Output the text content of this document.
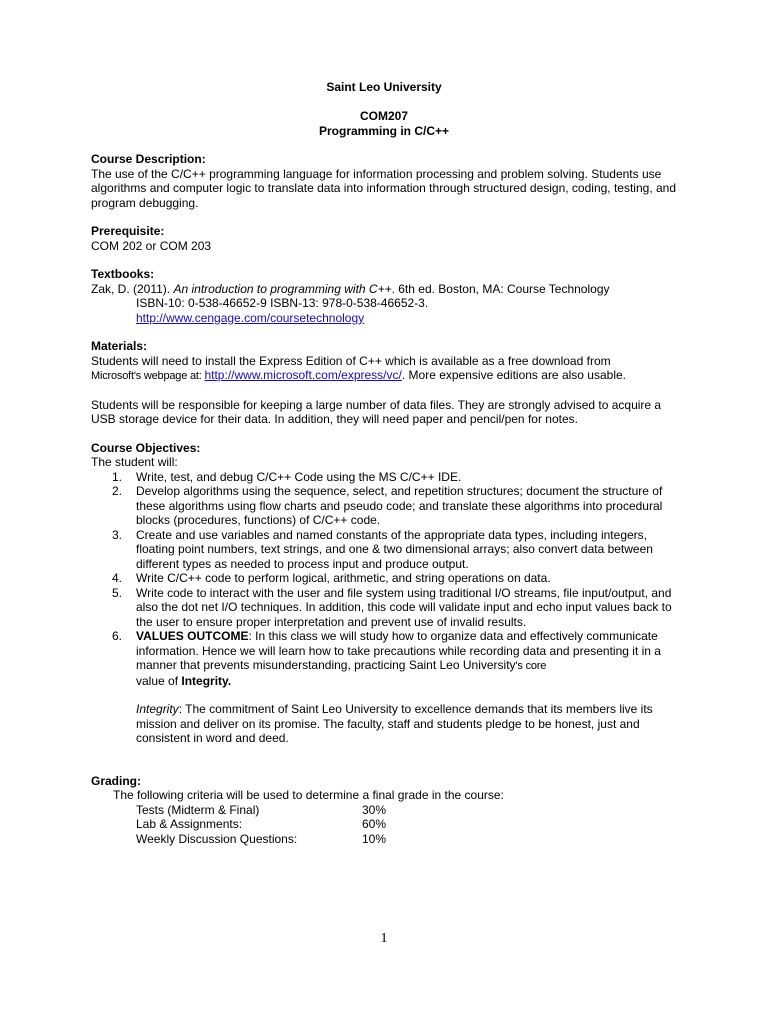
Saint Leo University
COM207
Programming in C/C++
Course Description:

The use of the C/C++ programming language for information processing and problem solving. Students use algorithms and computer logic to translate data into information through structured design, coding, testing, and program debugging.

Prerequisite:

COM 202 or COM 203

Textbooks:

Zak, D. (2011). An introduction to programming with C++. 6th ed. Boston, MA: Course Technology

ISBN-10: 0-538-46652-9 ISBN-13: 978-0-538-46652-3.

http://www.cengage.com/coursetechnology

Materials:

Students will need to install the Express Edition of C++ which is available as a free download from

Microsoft's webpage at: http://www.microsoft.com/express/vc/. More expensive editions are also usable.

Students will be responsible for keeping a large number of data files. They are strongly advised to acquire a USB storage device for their data. In addition, they will need paper and pencil/pen for notes.

Course Objectives:

The student will:

1. Write, test, and debug C/C++ Code using the MS C/C++ IDE.
2. Develop algorithms using the sequence, select, and repetition structures; document the structure of these algorithms using flow charts and pseudo code; and translate these algorithms into procedural blocks (procedures, functions) of C/C++ code.
3. Create and use variables and named constants of the appropriate data types, including integers, floating point numbers, text strings, and one & two dimensional arrays; also convert data between different types as needed to process input and produce output.
4. Write C/C++ code to perform logical, arithmetic, and string operations on data.
5. Write code to interact with the user and file system using traditional I/O streams, file input/output, and also the dot net I/O techniques. In addition, this code will validate input and echo input values back to the user to ensure proper interpretation and prevent use of invalid results.
6. VALUES OUTCOME: In this class we will study how to organize data and effectively communicate information. Hence we will learn how to take precautions while recording data and presenting it in a manner that prevents misunderstanding, practicing Saint Leo University's core
value of Integrity.

Integrity: The commitment of Saint Leo University to excellence demands that its members live its mission and deliver on its promise. The faculty, staff and students pledge to be honest, just and consistent in word and deed.

Grading:

The following criteria will be used to determine a final grade in the course:

Tests (Midterm & Final)	30%
Lab & Assignments:	60%
Weekly Discussion Questions:	10%
1
